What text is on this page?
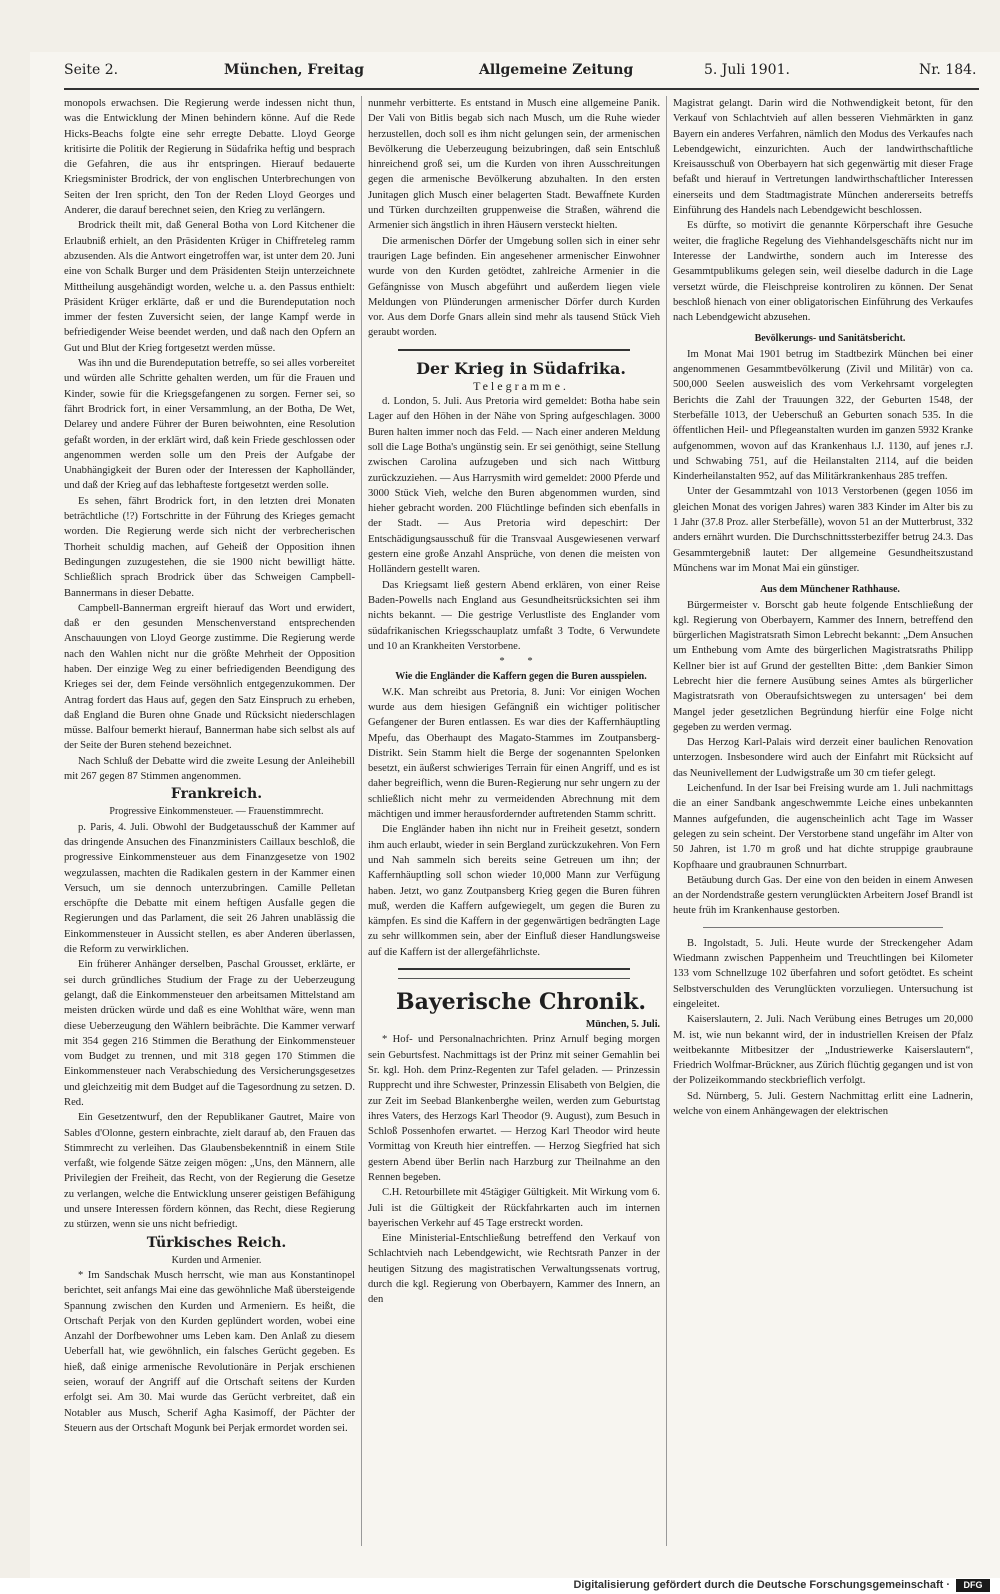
Seite 2.	München, Freitag	Allgemeine Zeitung	5. Juli 1901.	Nr. 184.

monopols erwachsen. Die Regierung werde indessen nicht thun, was die Entwicklung der Minen behindern könne. Auf die Rede Hicks-Beachs folgte eine sehr erregte Debatte. Lloyd George kritisirte die Politik der Regierung in Südafrika heftig und besprach die Gefahren, die aus ihr entspringen. Hierauf bedauerte Kriegsminister Brodrick, der von englischen Unterbrechungen von Seiten der Iren spricht, den Ton der Reden Lloyd Georges und Anderer, die darauf berechnet seien, den Krieg zu verlängern.

Brodrick theilt mit, daß General Botha von Lord Kitchener die Erlaubniß erhielt, an den Präsidenten Krüger in Chiffreteleg ramm abzusenden. Als die Antwort eingetroffen war, ist unter dem 20. Juni eine von Schalk Burger und dem Präsidenten Steijn unterzeichnete Mittheilung ausgehändigt worden, welche u. a. den Passus enthielt: Präsident Krüger erklärte, daß er und die Burendeputation noch immer der festen Zuversicht seien, der lange Kampf werde in befriedigender Weise beendet werden, und daß nach den Opfern an Gut und Blut der Krieg fortgesetzt werden müsse.

Was ihn und die Burendeputation betreffe, so sei alles vorbereitet und würden alle Schritte gehalten werden, um für die Frauen und Kinder, sowie für die Kriegsgefangenen zu sorgen. Ferner sei, so fährt Brodrick fort, in einer Versammlung, an der Botha, De Wet, Delarey und andere Führer der Buren beiwohnten, eine Resolution gefaßt worden, in der erklärt wird, daß kein Friede geschlossen oder angenommen werden solle um den Preis der Aufgabe der Unabhängigkeit der Buren oder der Interessen der Kapholländer, und daß der Krieg auf das lebhafteste fortgesetzt werden solle.

Es sehen, fährt Brodrick fort, in den letzten drei Monaten beträchtliche (!?) Fortschritte in der Führung des Krieges gemacht worden. Die Regierung werde sich nicht der verbrecherischen Thorheit schuldig machen, auf Geheiß der Opposition ihnen Bedingungen zuzugestehen, die sie 1900 nicht bewilligt hätte. Schließlich sprach Brodrick über das Schweigen Campbell-Bannermans in dieser Debatte.

Campbell-Bannerman ergreift hierauf das Wort und erwidert, daß er den gesunden Menschenverstand entsprechenden Anschauungen von Lloyd George zustimme. Die Regierung werde nach den Wahlen nicht nur die größte Mehrheit der Opposition haben. Der einzige Weg zu einer befriedigenden Beendigung des Krieges sei der, dem Feinde versöhnlich entgegenzukommen. Der Antrag fordert das Haus auf, gegen den Satz Einspruch zu erheben, daß England die Buren ohne Gnade und Rücksicht niederschlagen müsse. Balfour bemerkt hierauf, Bannerman habe sich selbst als auf der Seite der Buren stehend bezeichnet.

Nach Schluß der Debatte wird die zweite Lesung der Anleihebill mit 267 gegen 87 Stimmen angenommen.

Frankreich.

Progressive Einkommensteuer. — Frauenstimmrecht.

p. Paris, 4. Juli. Obwohl der Budgetausschuß der Kammer auf das dringende Ansuchen des Finanzministers Caillaux beschloß, die progressive Einkommensteuer aus dem Finanzgesetze von 1902 wegzulassen, machten die Radikalen gestern in der Kammer einen Versuch, um sie dennoch unterzubringen. Camille Pelletan erschöpfte die Debatte mit einem heftigen Ausfalle gegen die Regierungen und das Parlament, die seit 26 Jahren unablässig die Einkommensteuer in Aussicht stellen, es aber Anderen überlassen, die Reform zu verwirklichen.

Ein früherer Anhänger derselben, Paschal Grousset, erklärte, er sei durch gründliches Studium der Frage zu der Ueberzeugung gelangt, daß die Einkommensteuer den arbeitsamen Mittelstand am meisten drücken würde und daß es eine Wohlthat wäre, wenn man diese Ueberzeugung den Wählern beibrächte. Die Kammer verwarf mit 354 gegen 216 Stimmen die Berathung der Einkommensteuer vom Budget zu trennen, und mit 318 gegen 170 Stimmen die Einkommensteuer nach Verabschiedung des Versicherungsgesetzes und gleichzeitig mit dem Budget auf die Tagesordnung zu setzen. D. Red.

Ein Gesetzentwurf, den der Republikaner Gautret, Maire von Sables d'Olonne, gestern einbrachte, zielt darauf ab, den Frauen das Stimmrecht zu verleihen. Das Glaubensbekenntniß in einem Stile verfaßt, wie folgende Sätze zeigen mögen: „Uns, den Männern, alle Privilegien der Freiheit, das Recht, von der Regierung die Gesetze zu verlangen, welche die Entwicklung unserer geistigen Befähigung und unsere Interessen fördern können, das Recht, diese Regierung zu stürzen, wenn sie uns nicht befriedigt.

Türkisches Reich.

Kurden und Armenier.

* Im Sandschak Musch herrscht, wie man aus Konstantinopel berichtet, seit anfangs Mai eine das gewöhnliche Maß übersteigende Spannung zwischen den Kurden und Armeniern. Es heißt, die Ortschaft Perjak von den Kurden geplündert worden, wobei eine Anzahl der Dorfbewohner ums Leben kam. Den Anlaß zu diesem Ueberfall hat, wie gewöhnlich, ein falsches Gerücht gegeben. Es hieß, daß einige armenische Revolutionäre in Perjak erschienen seien, worauf der Angriff auf die Ortschaft seitens der Kurden erfolgt sei. Am 30. Mai wurde das Gerücht verbreitet, daß ein Notabler aus Musch, Scherif Agha Kasimoff, der Pächter der Steuern aus der Ortschaft Mogunk bei Perjak ermordet worden sei.

nunmehr verbitterte. Es entstand in Musch eine allgemeine Panik. Der Vali von Bitlis begab sich nach Musch, um die Ruhe wieder herzustellen, doch soll es ihm nicht gelungen sein, der armenischen Bevölkerung die Ueberzeugung beizubringen, daß sein Entschluß hinreichend groß sei, um die Kurden von ihren Ausschreitungen gegen die armenische Bevölkerung abzuhalten. In den ersten Junitagen glich Musch einer belagerten Stadt. Bewaffnete Kurden und Türken durchzeilten gruppenweise die Straßen, während die Armenier sich ängstlich in ihren Häusern versteckt hielten.

Die armenischen Dörfer der Umgebung sollen sich in einer sehr traurigen Lage befinden. Ein angesehener armenischer Einwohner wurde von den Kurden getödtet, zahlreiche Armenier in die Gefängnisse von Musch abgeführt und außerdem liegen viele Meldungen von Plünderungen armenischer Dörfer durch Kurden vor. Aus dem Dorfe Gnars allein sind mehr als tausend Stück Vieh geraubt worden.

Der Krieg in Südafrika.

Telegramme.

d. London, 5. Juli. Aus Pretoria wird gemeldet: Botha habe sein Lager auf den Höhen in der Nähe von Spring aufgeschlagen. 3000 Buren halten immer noch das Feld. — Nach einer anderen Meldung soll die Lage Botha's ungünstig sein. Er sei genöthigt, seine Stellung zwischen Carolina aufzugeben und sich nach Wittburg zurückzuziehen. — Aus Harrysmith wird gemeldet: 2000 Pferde und 3000 Stück Vieh, welche den Buren abgenommen wurden, sind hieher gebracht worden. 200 Flüchtlinge befinden sich ebenfalls in der Stadt. — Aus Pretoria wird depeschirt: Der Entschädigungsausschuß für die Transvaal Ausgewiesenen verwarf gestern eine große Anzahl Ansprüche, von denen die meisten von Holländern gestellt waren.

Das Kriegsamt ließ gestern Abend erklären, von einer Reise Baden-Powells nach England aus Gesundheitsrücksichten sei ihm nichts bekannt. — Die gestrige Verlustliste des Englander vom südafrikanischen Kriegsschauplatz umfaßt 3 Todte, 6 Verwundete und 10 an Krankheiten Verstorbene.

* *

Wie die Engländer die Kaffern gegen die Buren ausspielen.

W.K. Man schreibt aus Pretoria, 8. Juni: Vor einigen Wochen wurde aus dem hiesigen Gefängniß ein wichtiger politischer Gefangener der Buren entlassen. Es war dies der Kaffernhäuptling Mpefu, das Oberhaupt des Magato-Stammes im Zoutpansberg-Distrikt. Sein Stamm hielt die Berge der sogenannten Spelonken besetzt, ein äußerst schwieriges Terrain für einen Angriff, und es ist daher begreiflich, wenn die Buren-Regierung nur sehr ungern zu der schließlich nicht mehr zu vermeidenden Abrechnung mit dem mächtigen und immer herausfordernder auftretenden Stamm schritt.

Die Engländer haben ihn nicht nur in Freiheit gesetzt, sondern ihm auch erlaubt, wieder in sein Bergland zurückzukehren. Von Fern und Nah sammeln sich bereits seine Getreuen um ihn; der Kaffernhäuptling soll schon wieder 10,000 Mann zur Verfügung haben. Jetzt, wo ganz Zoutpansberg Krieg gegen die Buren führen muß, werden die Kaffern aufgewiegelt, um gegen die Buren zu kämpfen. Es sind die Kaffern in der gegenwärtigen bedrängten Lage zu sehr willkommen sein, aber der Einfluß dieser Handlungsweise auf die Kaffern ist der allergefährlichste.

Bayerische Chronik.

München, 5. Juli.

* Hof- und Personalnachrichten. Prinz Arnulf beging morgen sein Geburtsfest. Nachmittags ist der Prinz mit seiner Gemahlin bei Sr. kgl. Hoh. dem Prinz-Regenten zur Tafel geladen. — Prinzessin Rupprecht und ihre Schwester, Prinzessin Elisabeth von Belgien, die zur Zeit im Seebad Blankenberghe weilen, werden zum Geburtstag ihres Vaters, des Herzogs Karl Theodor (9. August), zum Besuch in Schloß Possenhofen erwartet. — Herzog Karl Theodor wird heute Vormittag von Kreuth hier eintreffen. — Herzog Siegfried hat sich gestern Abend über Berlin nach Harzburg zur Theilnahme an den Rennen begeben.

C.H. Retourbillete mit 45tägiger Gültigkeit. Mit Wirkung vom 6. Juli ist die Gültigkeit der Rückfahrkarten auch im internen bayerischen Verkehr auf 45 Tage erstreckt worden.

Eine Ministerial-Entschließung betreffend den Verkauf von Schlachtvieh nach Lebendgewicht, wie Rechtsrath Panzer in der heutigen Sitzung des magistratischen Verwaltungssenats vortrug, durch die kgl. Regierung von Oberbayern, Kammer des Innern, an den

Magistrat gelangt. Darin wird die Nothwendigkeit betont, für den Verkauf von Schlachtvieh auf allen besseren Viehmärkten in ganz Bayern ein anderes Verfahren, nämlich den Modus des Verkaufes nach Lebendgewicht, einzurichten. Auch der landwirthschaftliche Kreisausschuß von Oberbayern hat sich gegenwärtig mit dieser Frage befaßt und hierauf in Vertretungen landwirthschaftlicher Interessen einerseits und dem Stadtmagistrate München andererseits betreffs Einführung des Handels nach Lebendgewicht beschlossen.

Es dürfte, so motivirt die genannte Körperschaft ihre Gesuche weiter, die fragliche Regelung des Viehhandelsgeschäfts nicht nur im Interesse der Landwirthe, sondern auch im Interesse des Gesammtpublikums gelegen sein, weil dieselbe dadurch in die Lage versetzt würde, die Fleischpreise kontroliren zu können. Der Senat beschloß hienach von einer obligatorischen Einführung des Verkaufes nach Lebendgewicht abzusehen.

Bevölkerungs- und Sanitätsbericht.

Im Monat Mai 1901 betrug im Stadtbezirk München bei einer angenommenen Gesammtbevölkerung (Zivil und Militär) von ca. 500,000 Seelen ausweislich des vom Verkehrsamt vorgelegten Berichts die Zahl der Trauungen 322, der Geburten 1548, der Sterbefälle 1013, der Ueberschuß an Geburten sonach 535. In die öffentlichen Heil- und Pflegeanstalten wurden im ganzen 5932 Kranke aufgenommen, wovon auf das Krankenhaus l.J. 1130, auf jenes r.J. und Schwabing 751, auf die Heilanstalten 2114, auf die beiden Kinderheilanstalten 952, auf das Militärkrankenhaus 285 treffen.

Unter der Gesammtzahl von 1013 Verstorbenen (gegen 1056 im gleichen Monat des vorigen Jahres) waren 383 Kinder im Alter bis zu 1 Jahr (37.8 Proz. aller Sterbefälle), wovon 51 an der Mutterbrust, 332 anders ernährt wurden. Die Durchschnittssterbeziffer betrug 24.3. Das Gesammtergebniß lautet: Der allgemeine Gesundheitszustand Münchens war im Monat Mai ein günstiger.

Aus dem Münchener Rathhause.

Bürgermeister v. Borscht gab heute folgende Entschließung der kgl. Regierung von Oberbayern, Kammer des Innern, betreffend den bürgerlichen Magistratsrath Simon Lebrecht bekannt: „Dem Ansuchen um Enthebung vom Amte des bürgerlichen Magistratsraths Philipp Kellner bier ist auf Grund der gestellten Bitte: ‚dem Bankier Simon Lebrecht hier die fernere Ausübung seines Amtes als bürgerlicher Magistratsrath von Oberaufsichtswegen zu untersagen‘ bei dem Mangel jeder gesetzlichen Begründung hierfür eine Folge nicht gegeben zu werden vermag.

Das Herzog Karl-Palais wird derzeit einer baulichen Renovation unterzogen. Insbesondere wird auch der Einfahrt mit Rücksicht auf das Neunivellement der Ludwigstraße um 30 cm tiefer gelegt.

Leichenfund. In der Isar bei Freising wurde am 1. Juli nachmittags die an einer Sandbank angeschwemmte Leiche eines unbekannten Mannes aufgefunden, die augenscheinlich acht Tage im Wasser gelegen zu sein scheint. Der Verstorbene stand ungefähr im Alter von 50 Jahren, ist 1.70 m groß und hat dichte struppige graubraune Kopfhaare und graubraunen Schnurrbart.

Betäubung durch Gas. Der eine von den beiden in einem Anwesen an der Nordendstraße gestern verunglückten Arbeitern Josef Brandl ist heute früh im Krankenhause gestorben.

B. Ingolstadt, 5. Juli. Heute wurde der Streckengeher Adam Wiedmann zwischen Pappenheim und Treuchtlingen bei Kilometer 133 vom Schnellzuge 102 überfahren und sofort getödtet. Es scheint Selbstverschulden des Verunglückten vorzuliegen. Untersuchung ist eingeleitet.

Kaiserslautern, 2. Juli. Nach Verübung eines Betruges um 20,000 M. ist, wie nun bekannt wird, der in industriellen Kreisen der Pfalz weitbekannte Mitbesitzer der „Industriewerke Kaiserslautern“, Friedrich Wolfmar-Brückner, aus Zürich flüchtig gegangen und ist von der Polizeikommando steckbrieflich verfolgt.

Sd. Nürnberg, 5. Juli. Gestern Nachmittag erlitt eine Ladnerin, welche von einem Anhängewagen der elektrischen

Digitalisierung gefördert durch die Deutsche Forschungsgemeinschaft ·	DFG
